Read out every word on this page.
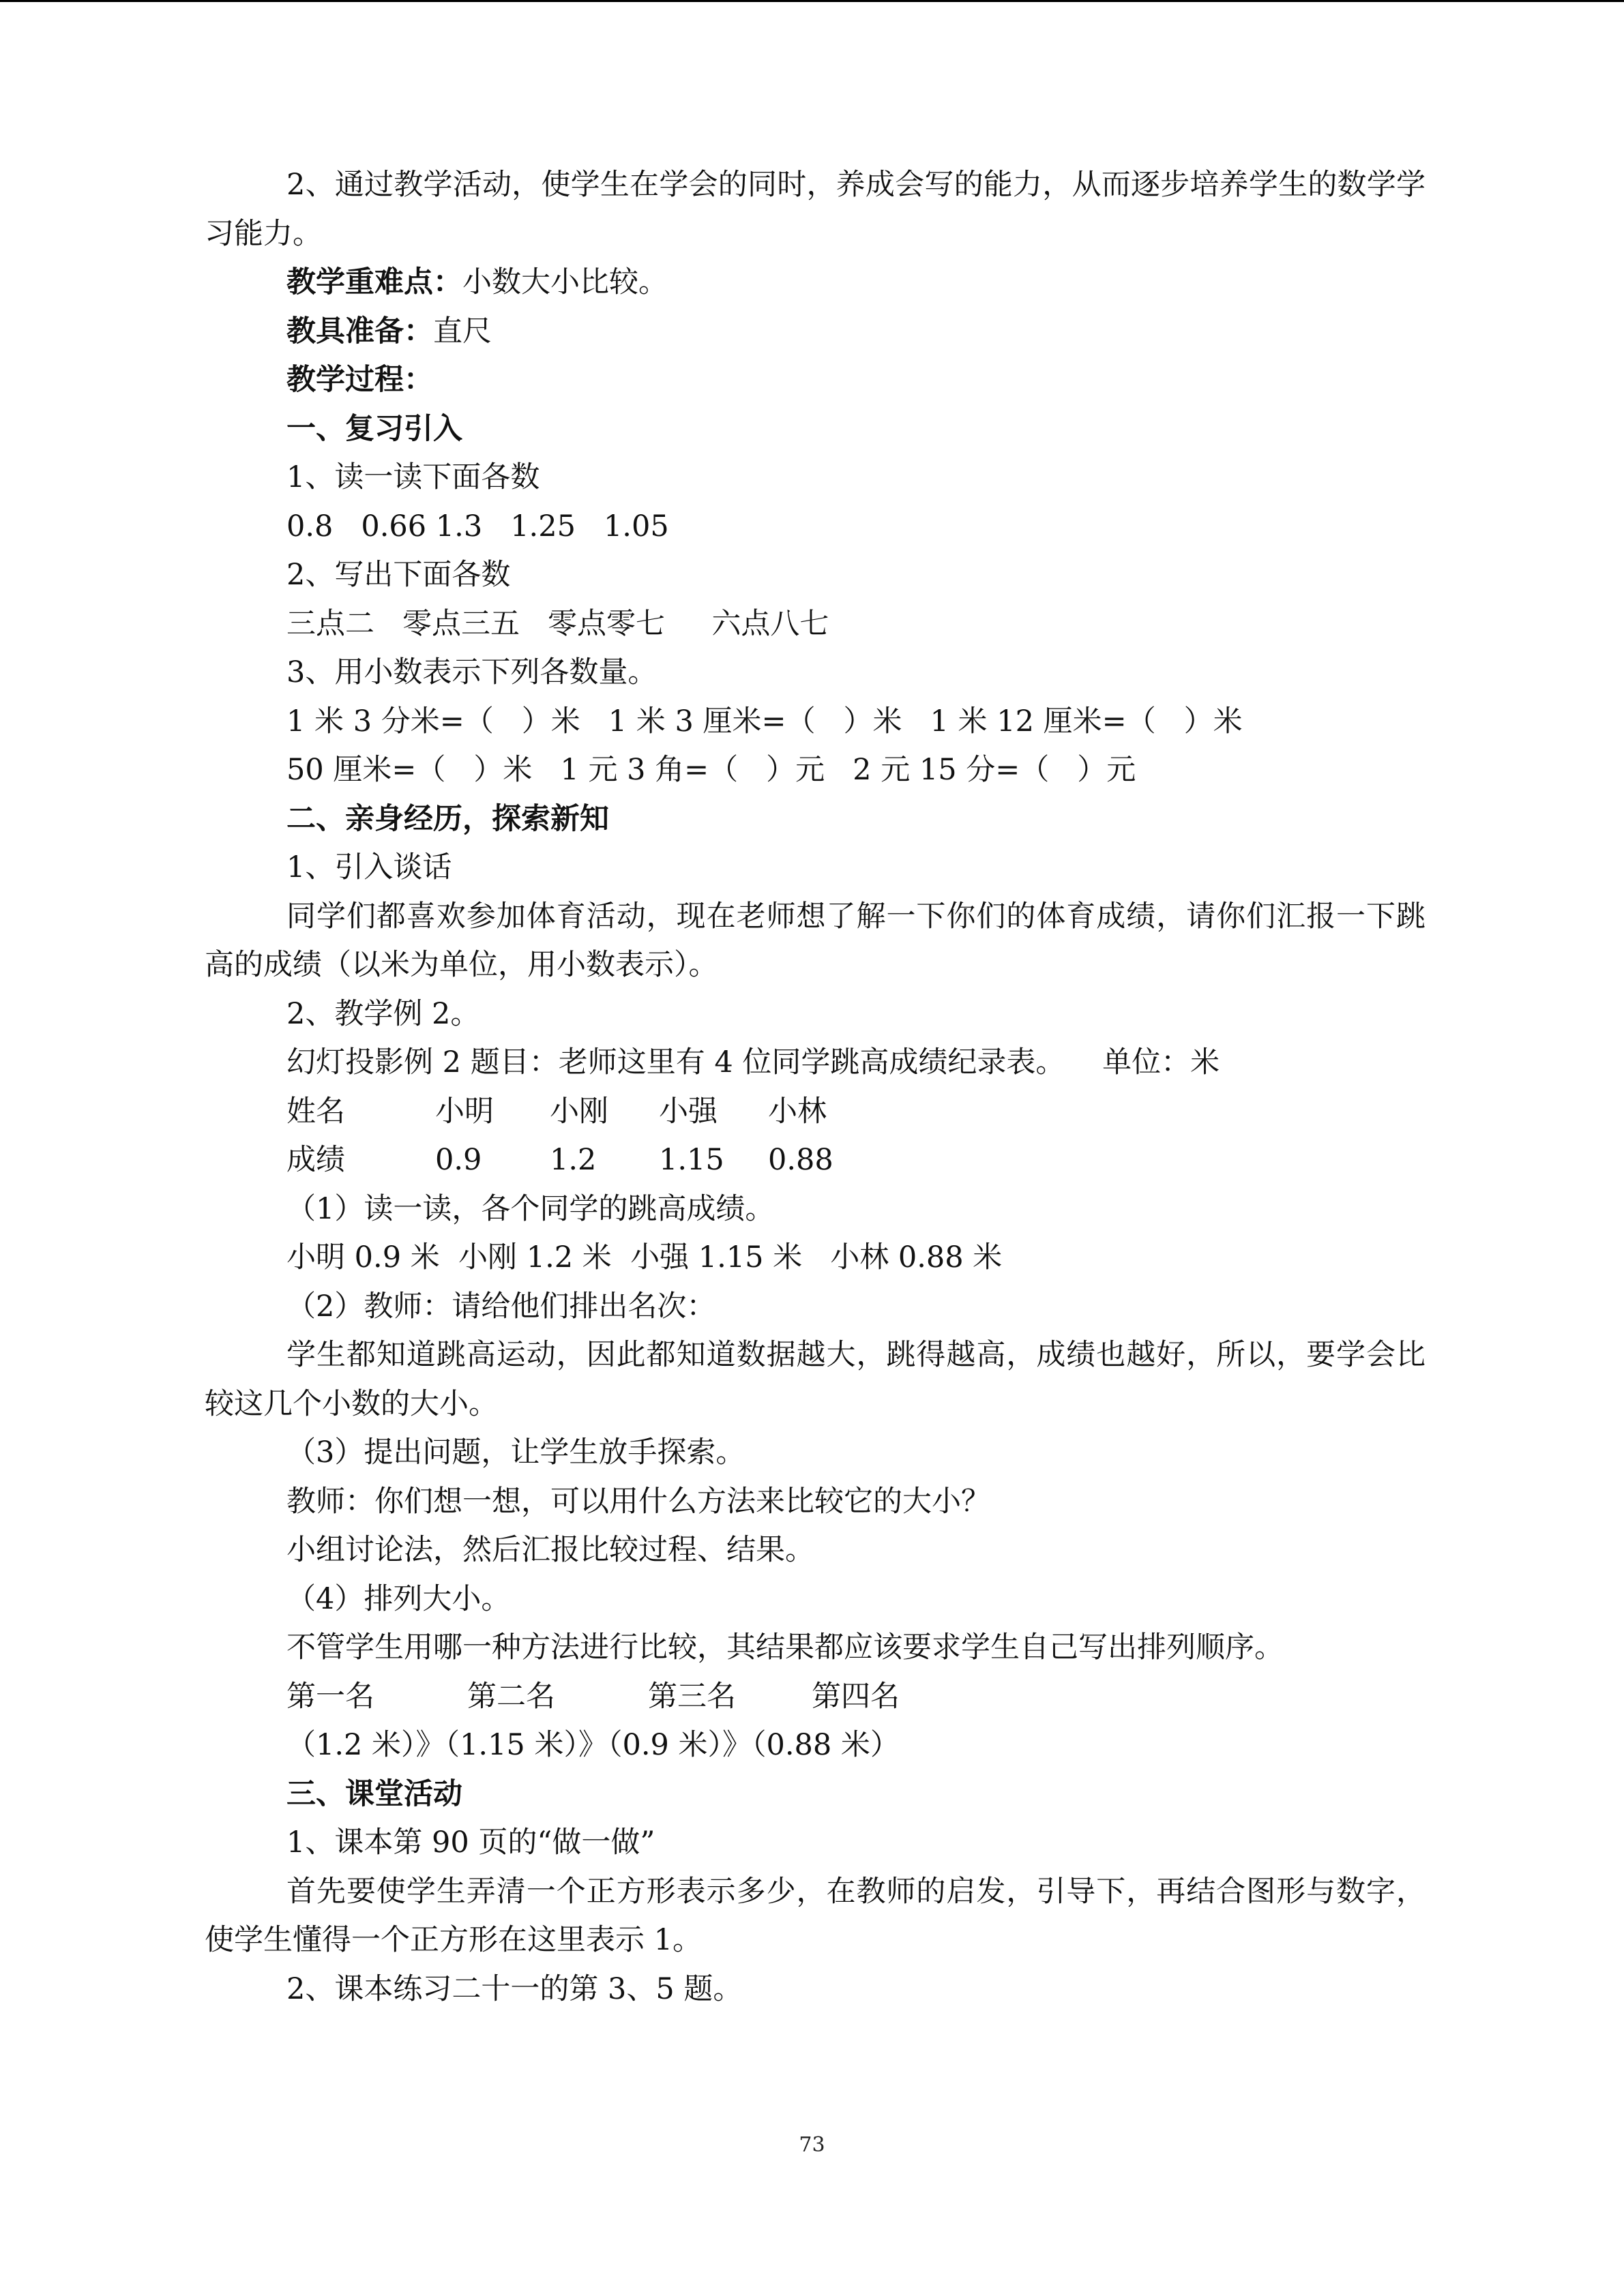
2、通过教学活动，使学生在学会的同时，养成会写的能力，从而逐步培养学生的数学学习能力。

教学重难点：小数大小比较。

教具准备：直尺

教学过程：

一、复习引入

1、读一读下面各数

0.8   0.66 1.3   1.25   1.05

2、写出下面各数

三点二   零点三五   零点零七     六点八七

3、用小数表示下列各数量。

1 米 3 分米=（   ）米   1 米 3 厘米=（   ）米   1 米 12 厘米=（   ）米

50 厘米=（   ）米   1 元 3 角=（   ）元   2 元 15 分=（   ）元

二、亲身经历，探索新知

1、引入谈话

同学们都喜欢参加体育活动，现在老师想了解一下你们的体育成绩，请你们汇报一下跳高的成绩（以米为单位，用小数表示）。

2、教学例 2。

幻灯投影例 2 题目：老师这里有 4 位同学跳高成绩纪录表。    单位：米

姓名	小明	小刚	小强	小林
成绩	0.9	1.2	1.15	0.88

（1）读一读，各个同学的跳高成绩。

小明 0.9 米  小刚 1.2 米  小强 1.15 米   小林 0.88 米

（2）教师：请给他们排出名次：

学生都知道跳高运动，因此都知道数据越大，跳得越高，成绩也越好，所以，要学会比较这几个小数的大小。

（3）提出问题，让学生放手探索。

教师：你们想一想，可以用什么方法来比较它的大小？

小组讨论法，然后汇报比较过程、结果。

（4）排列大小。

不管学生用哪一种方法进行比较，其结果都应该要求学生自己写出排列顺序。

第一名	第二名	第三名	第四名

（1.2 米）》（1.15 米）》（0.9 米）》（0.88 米）

三、课堂活动

1、课本第 90 页的“做一做”

首先要使学生弄清一个正方形表示多少，在教师的启发，引导下，再结合图形与数字，使学生懂得一个正方形在这里表示 1。

2、课本练习二十一的第 3、5 题。

73
